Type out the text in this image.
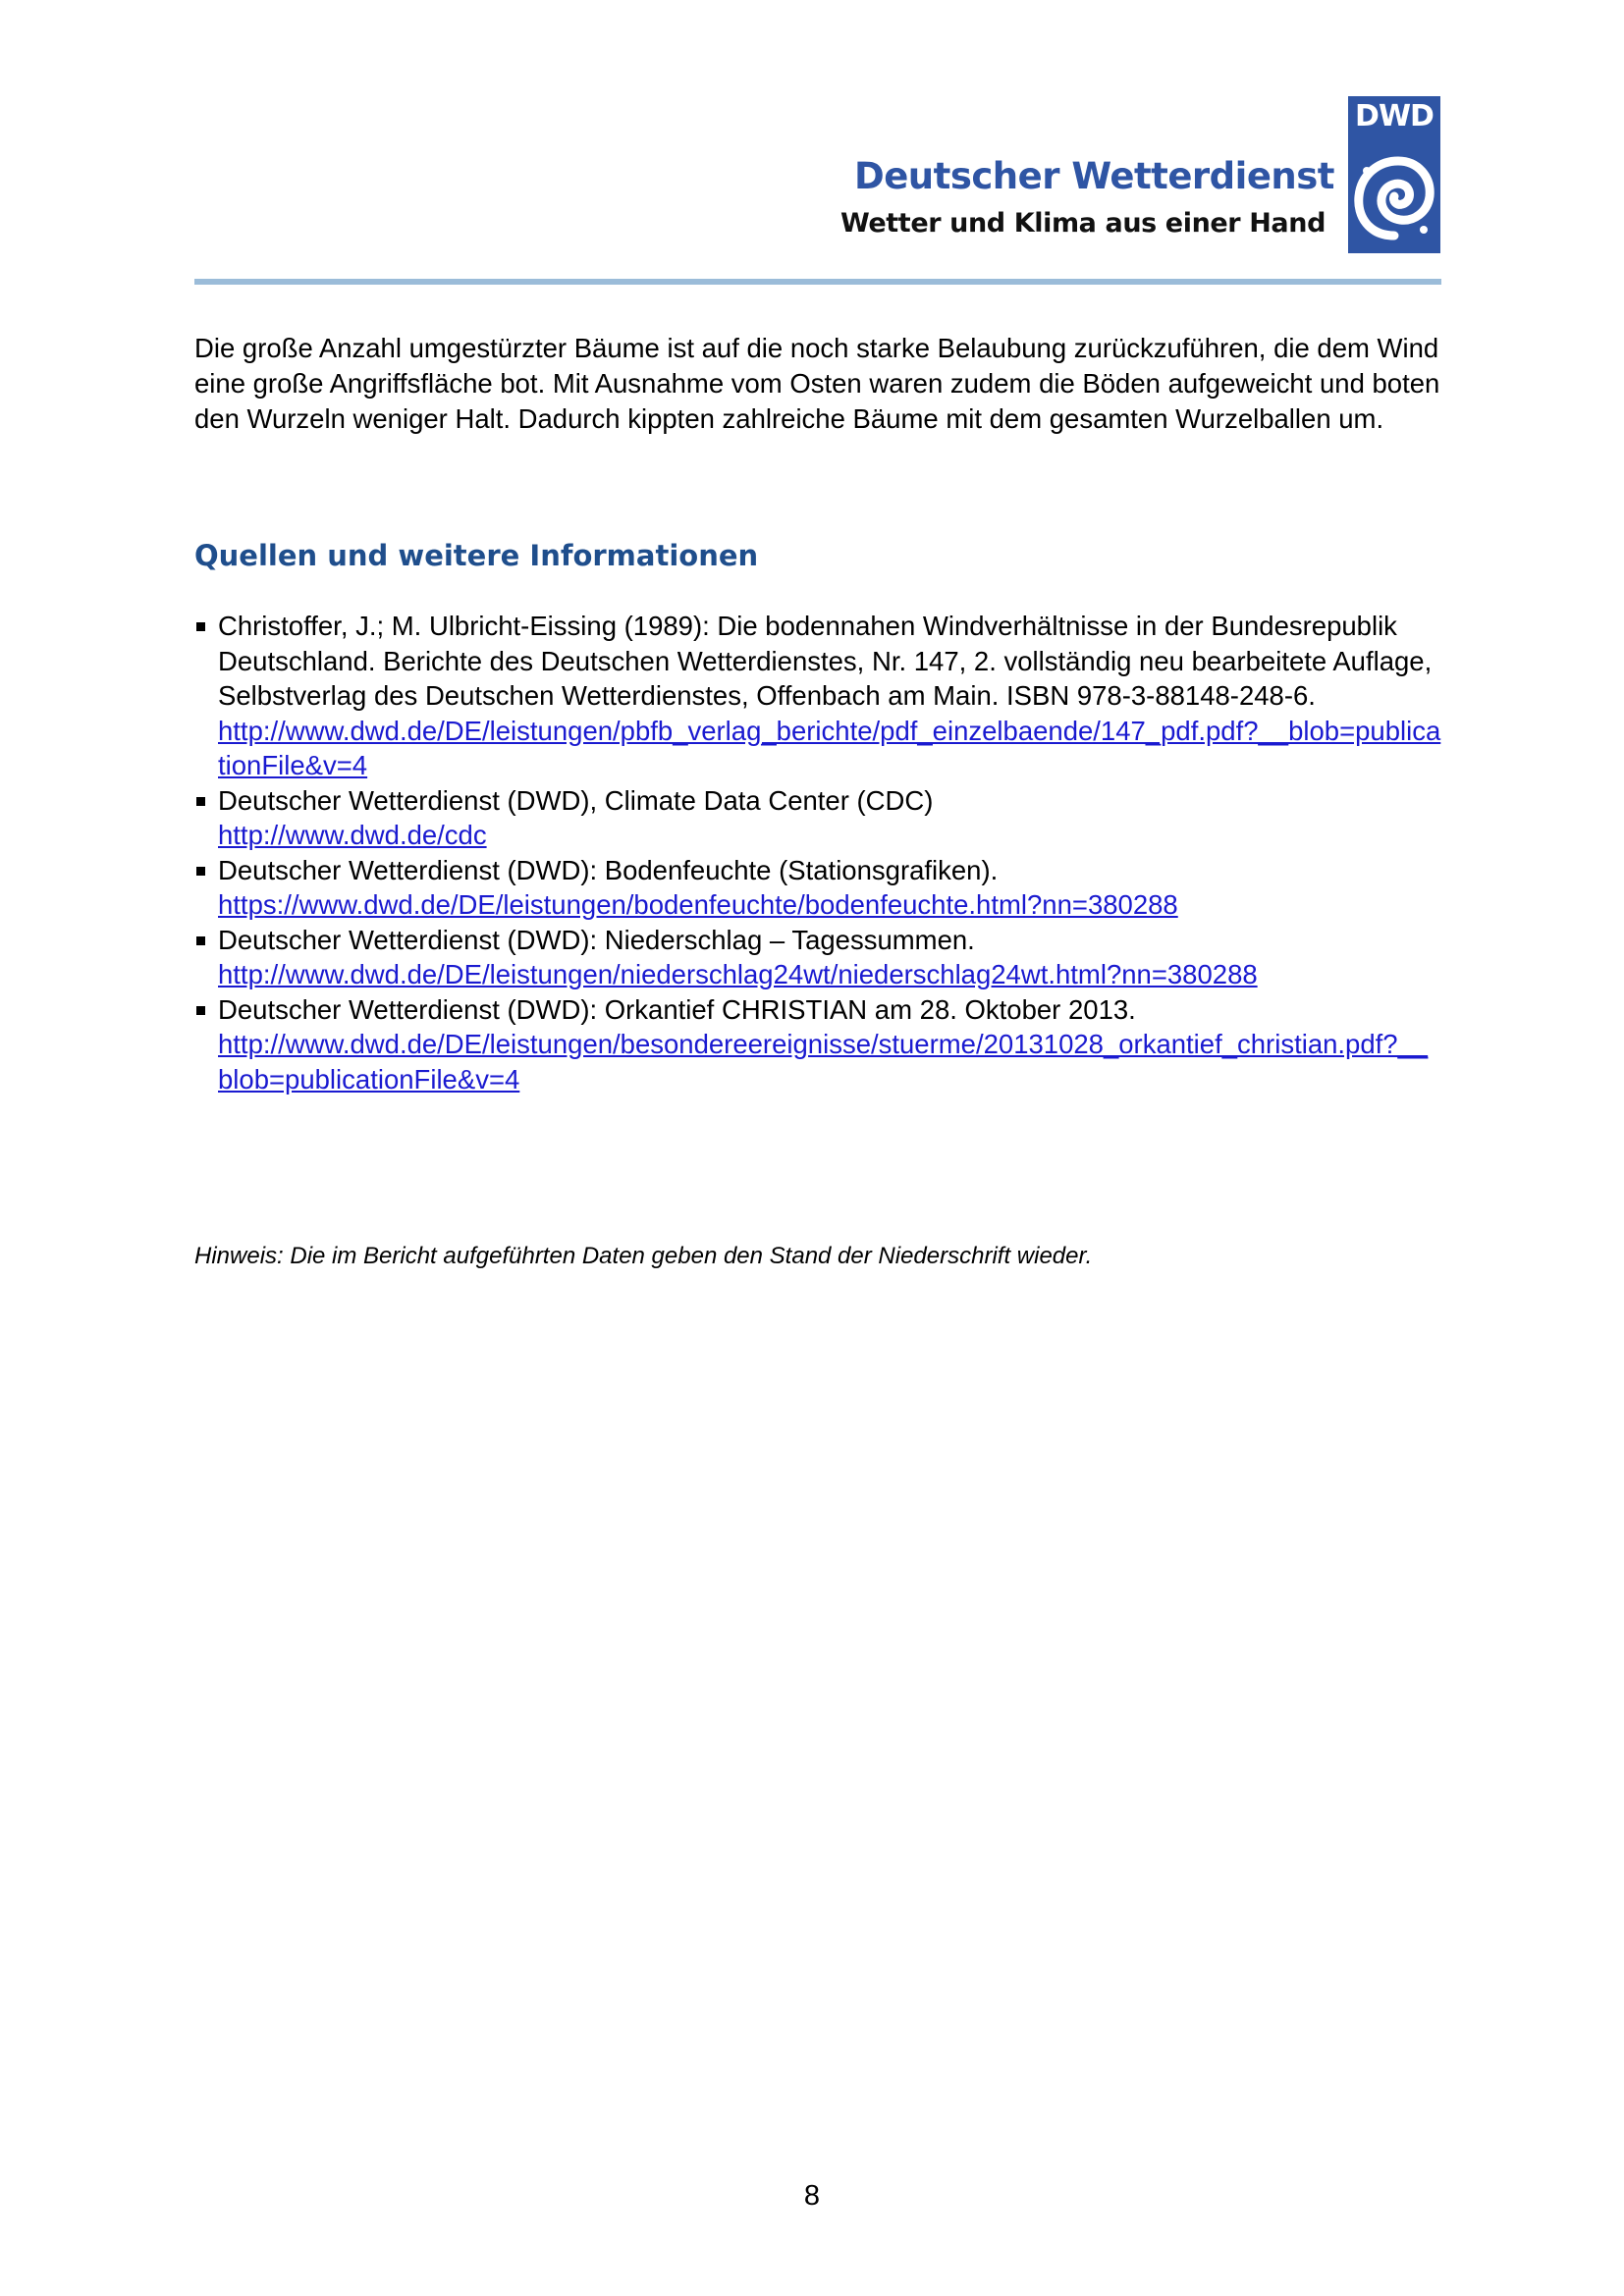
Deutscher Wetterdienst
Wetter und Klima aus einer Hand
DWD

Die große Anzahl umgestürzter Bäume ist auf die noch starke Belaubung zurückzuführen, die dem Wind eine große Angriffsfläche bot. Mit Ausnahme vom Osten waren zudem die Böden aufgeweicht und boten den Wurzeln weniger Halt. Dadurch kippten zahlreiche Bäume mit dem gesamten Wurzelballen um.

Quellen und weitere Informationen
Christoffer, J.; M. Ulbricht-Eissing (1989): Die bodennahen Windverhältnisse in der Bundesrepublik Deutschland. Berichte des Deutschen Wetterdienstes, Nr. 147, 2. vollständig neu bearbeitete Auflage, Selbstverlag des Deutschen Wetterdienstes, Offenbach am Main. ISBN 978-3-88148-248-6.
http://www.dwd.de/DE/leistungen/pbfb_verlag_berichte/pdf_einzelbaende/147_pdf.pdf?__blob=publicationFile&v=4
Deutscher Wetterdienst (DWD), Climate Data Center (CDC)
http://www.dwd.de/cdc
Deutscher Wetterdienst (DWD): Bodenfeuchte (Stationsgrafiken).
https://www.dwd.de/DE/leistungen/bodenfeuchte/bodenfeuchte.html?nn=380288
Deutscher Wetterdienst (DWD): Niederschlag – Tagessummen.
http://www.dwd.de/DE/leistungen/niederschlag24wt/niederschlag24wt.html?nn=380288
Deutscher Wetterdienst (DWD): Orkantief CHRISTIAN am 28. Oktober 2013.
http://www.dwd.de/DE/leistungen/besondereereignisse/stuerme/20131028_orkantief_christian.pdf?__blob=publicationFile&v=4

Hinweis: Die im Bericht aufgeführten Daten geben den Stand der Niederschrift wieder.

8
